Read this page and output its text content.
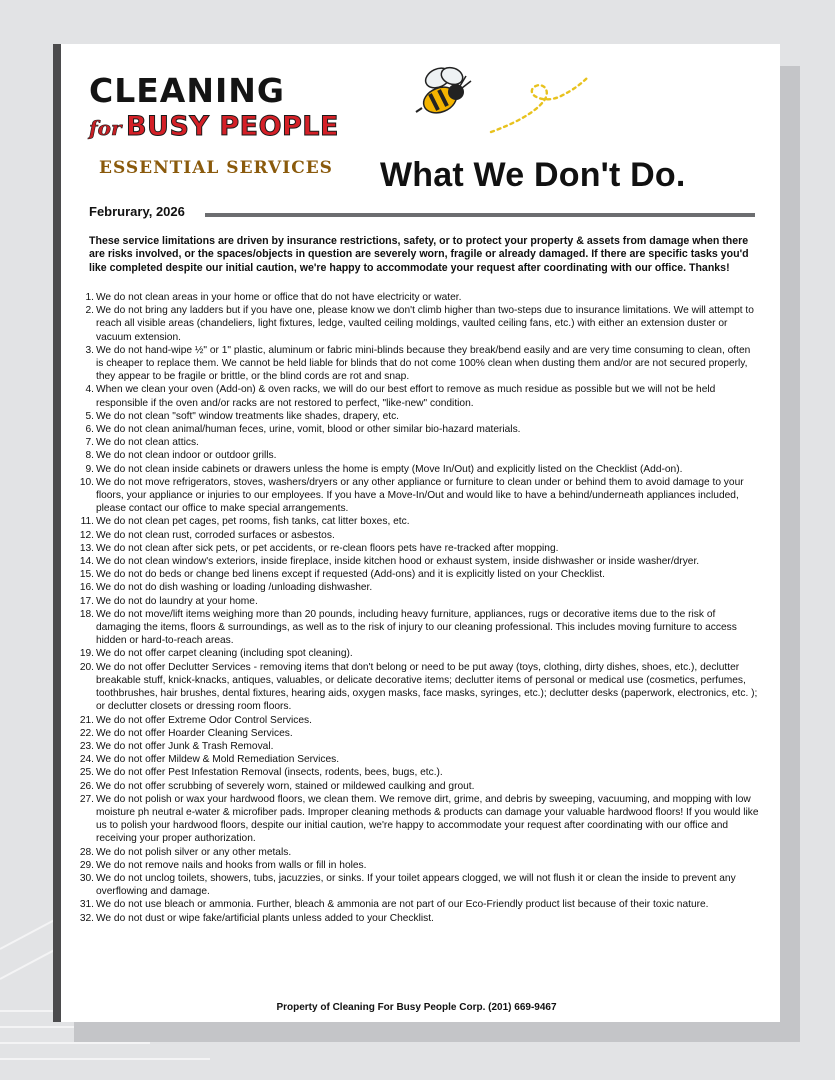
CLEANING
for BUSY PEOPLE
ESSENTIAL SERVICES What We Don't Do.
Februrary, 2026

These service limitations are driven by insurance restrictions, safety, or to protect your property & assets from damage when there are risks involved, or the spaces/objects in question are severely worn, fragile or already damaged. If there are specific tasks you'd like completed despite our initial caution, we're happy to accommodate your request after coordinating with our office. Thanks!

1. We do not clean areas in your home or office that do not have electricity or water.
2. We do not bring any ladders but if you have one, please know we don't climb higher than two-steps due to insurance limitations. We will attempt to reach all visible areas (chandeliers, light fixtures, ledge, vaulted ceiling moldings, vaulted ceiling fans, etc.) with either an extension duster or vacuum extension.
3. We do not hand-wipe ½" or 1" plastic, aluminum or fabric mini-blinds because they break/bend easily and are very time consuming to clean, often is cheaper to replace them. We cannot be held liable for blinds that do not come 100% clean when dusting them and/or are not secured properly, they appear to be fragile or brittle, or the blind cords are rot and snap.
4. When we clean your oven (Add-on) & oven racks, we will do our best effort to remove as much residue as possible but we will not be held responsible if the oven and/or racks are not restored to perfect, "like-new" condition.
5. We do not clean "soft" window treatments like shades, drapery, etc.
6. We do not clean animal/human feces, urine, vomit, blood or other similar bio-hazard materials.
7. We do not clean attics.
8. We do not clean indoor or outdoor grills.
9. We do not clean inside cabinets or drawers unless the home is empty (Move In/Out) and explicitly listed on the Checklist (Add-on).
10. We do not move refrigerators, stoves, washers/dryers or any other appliance or furniture to clean under or behind them to avoid damage to your floors, your appliance or injuries to our employees. If you have a Move-In/Out and would like to have a behind/underneath appliances included, please contact our office to make special arrangements.
11. We do not clean pet cages, pet rooms, fish tanks, cat litter boxes, etc.
12. We do not clean rust, corroded surfaces or asbestos.
13. We do not clean after sick pets, or pet accidents, or re-clean floors pets have re-tracked after mopping.
14. We do not clean window's exteriors, inside fireplace, inside kitchen hood or exhaust system, inside dishwasher or inside washer/dryer.
15. We do not do beds or change bed linens except if requested (Add-ons) and it is explicitly listed on your Checklist.
16. We do not do dish washing or loading /unloading dishwasher.
17. We do not do laundry at your home.
18. We do not move/lift items weighing more than 20 pounds, including heavy furniture, appliances, rugs or decorative items due to the risk of damaging the items, floors & surroundings, as well as to the risk of injury to our cleaning professional. This includes moving furniture to access hidden or hard-to-reach areas.
19. We do not offer carpet cleaning (including spot cleaning).
20. We do not offer Declutter Services - removing items that don't belong or need to be put away (toys, clothing, dirty dishes, shoes, etc.), declutter breakable stuff, knick-knacks, antiques, valuables, or delicate decorative items; declutter items of personal or medical use (cosmetics, perfumes, toothbrushes, hair brushes, dental fixtures, hearing aids, oxygen masks, face masks, syringes, etc.); declutter desks (paperwork, electronics, etc. ); or declutter closets or dressing room floors.
21. We do not offer Extreme Odor Control Services.
22. We do not offer Hoarder Cleaning Services.
23. We do not offer Junk & Trash Removal.
24. We do not offer Mildew & Mold Remediation Services.
25. We do not offer Pest Infestation Removal (insects, rodents, bees, bugs, etc.).
26. We do not offer scrubbing of severely worn, stained or mildewed caulking and grout.
27. We do not polish or wax your hardwood floors, we clean them. We remove dirt, grime, and debris by sweeping, vacuuming, and mopping with low moisture ph neutral e-water & microfiber pads. Improper cleaning methods & products can damage your valuable hardwood floors! If you would like us to polish your hardwood floors, despite our initial caution, we're happy to accommodate your request after coordinating with our office and receiving your proper authorization.
28. We do not polish silver or any other metals.
29. We do not remove nails and hooks from walls or fill in holes.
30. We do not unclog toilets, showers, tubs, jacuzzies, or sinks. If your toilet appears clogged, we will not flush it or clean the inside to prevent any overflowing and damage.
31. We do not use bleach or ammonia. Further, bleach & ammonia are not part of our Eco-Friendly product list because of their toxic nature.
32. We do not dust or wipe fake/artificial plants unless added to your Checklist.
Property of Cleaning For Busy People Corp. (201) 669-9467
